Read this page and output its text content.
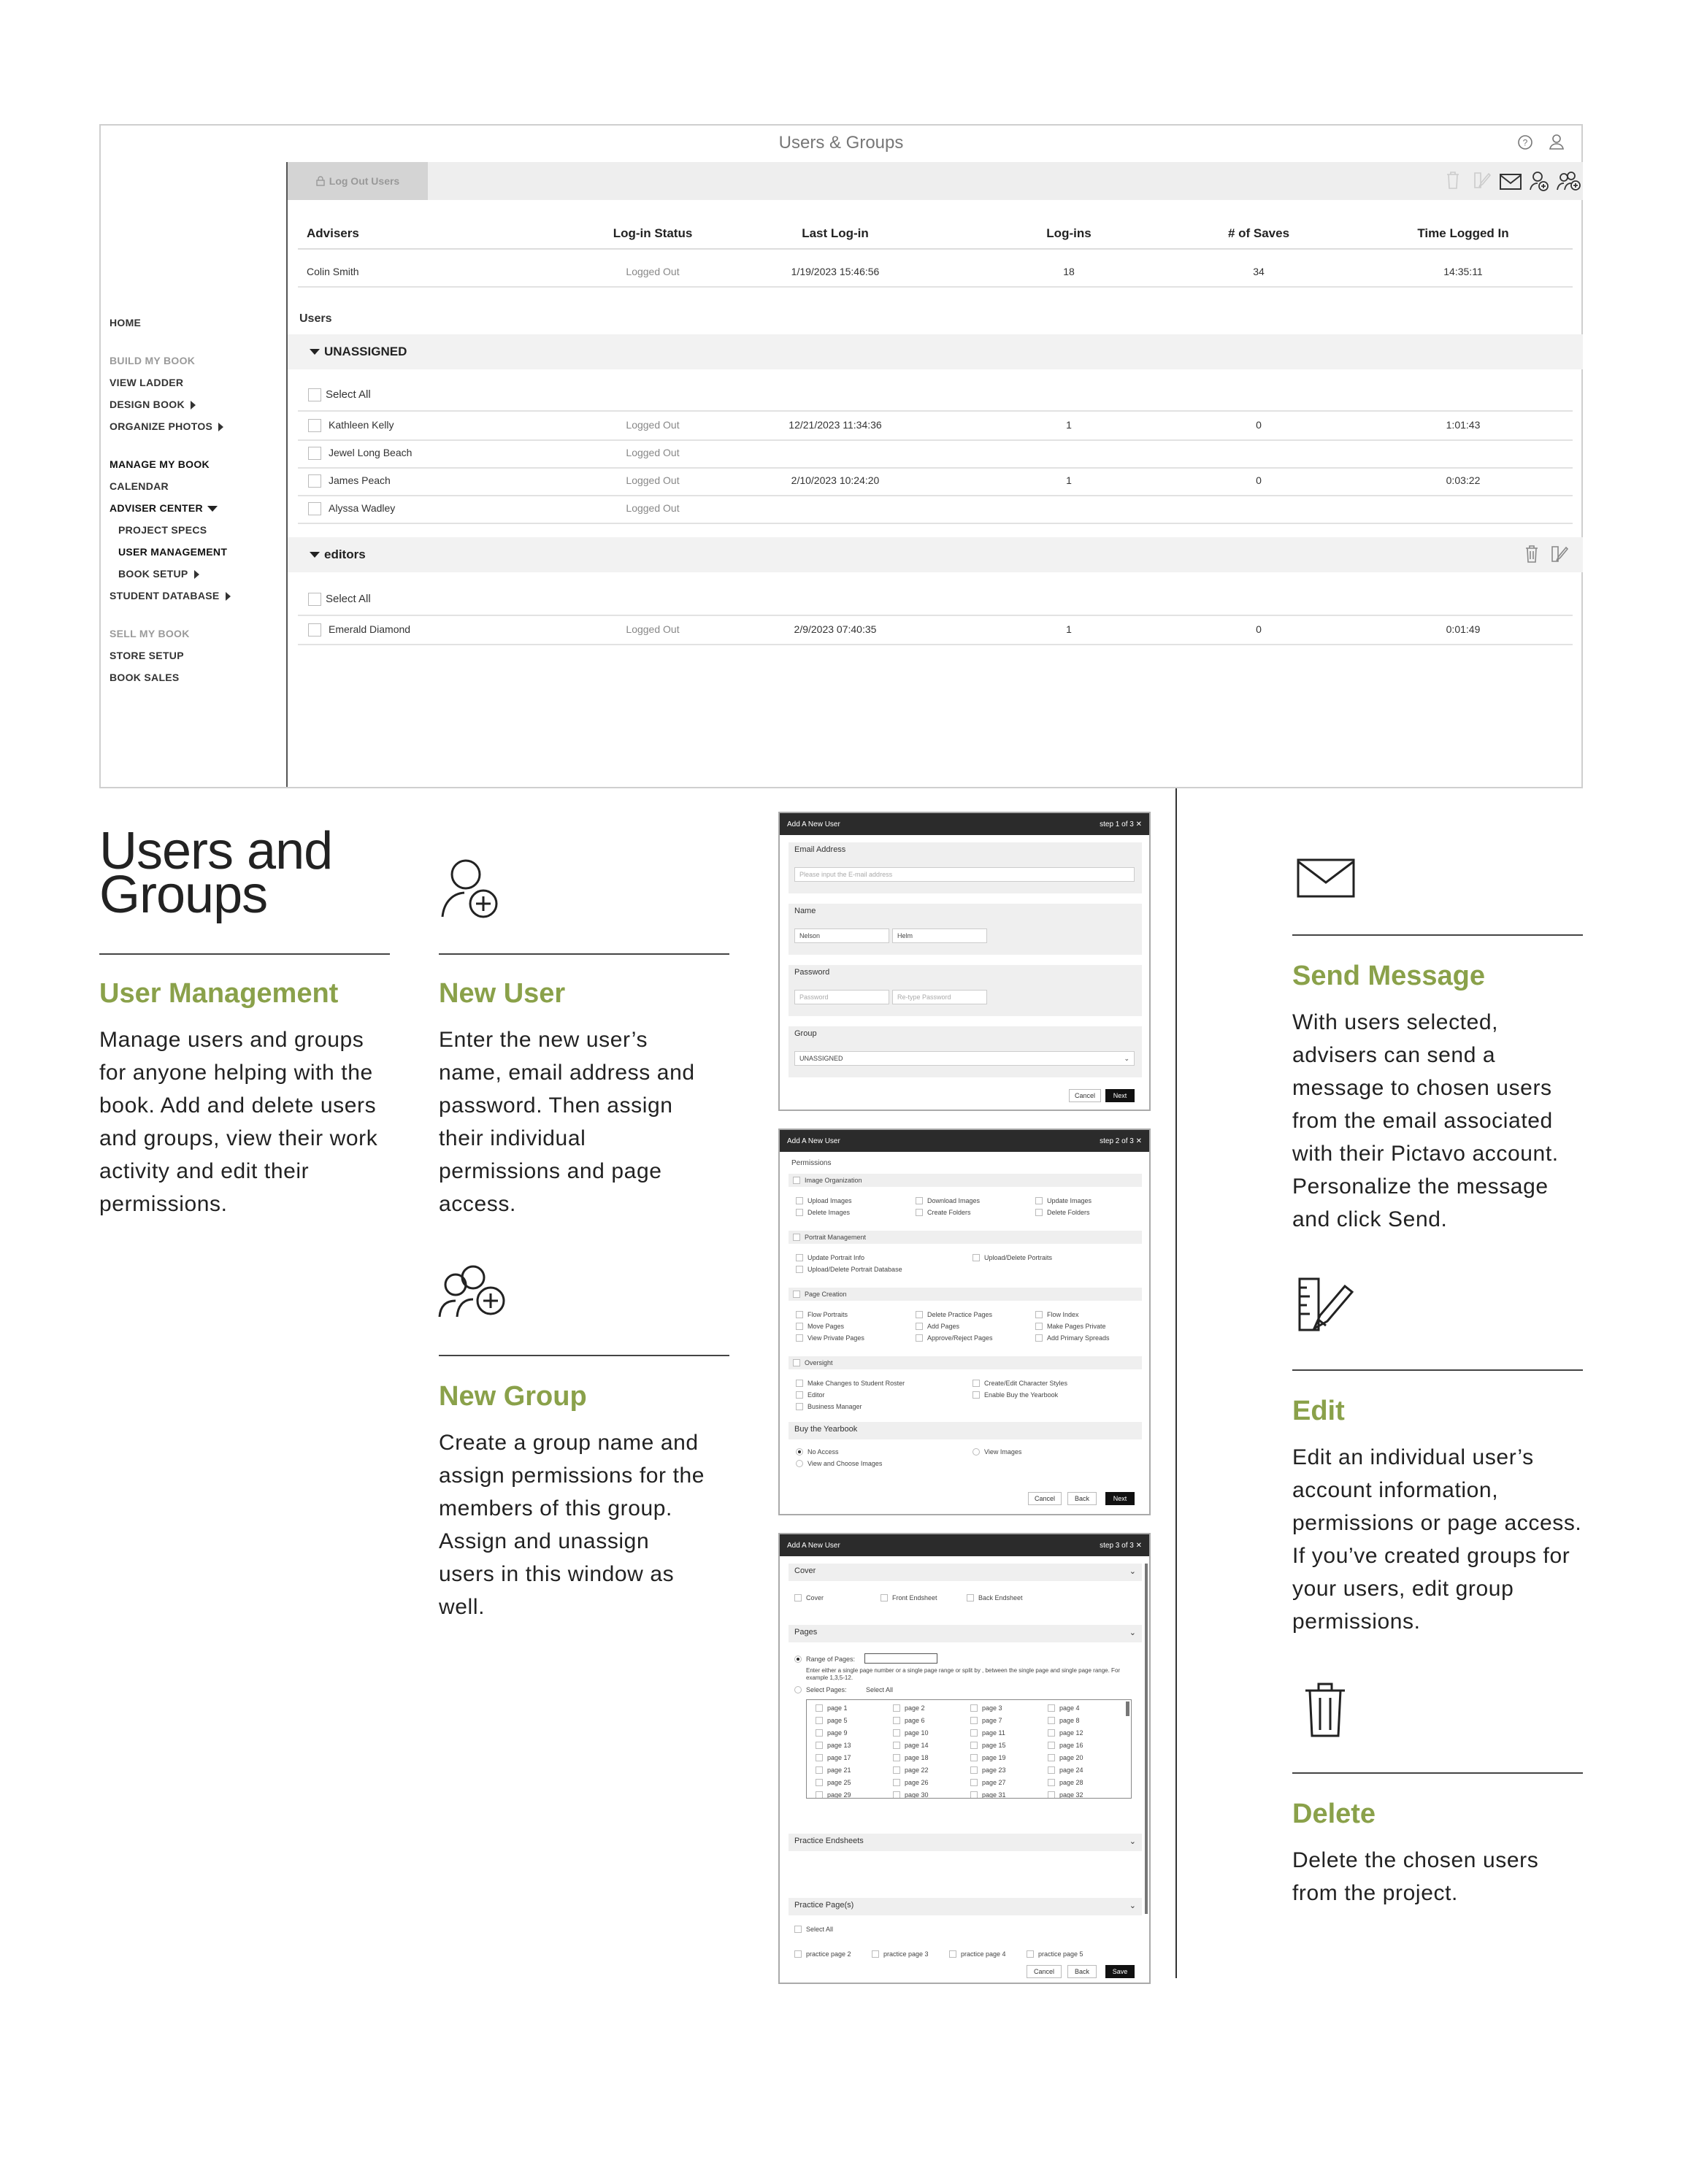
Users & Groups	?
HOME
BUILD MY BOOK
VIEW LADDER
DESIGN BOOK
ORGANIZE PHOTOS
MANAGE MY BOOK
CALENDAR
ADVISER CENTER
PROJECT SPECS
USER MANAGEMENT
BOOK SETUP
STUDENT DATABASE
SELL MY BOOK
STORE SETUP
BOOK SALES
Log Out Users
Advisers	Log-in Status	Last Log-in	Log-ins	# of Saves	Time Logged In
Colin Smith	Logged Out	1/19/2023 15:46:56	18	34	14:35:11
Users
UNASSIGNED
Select All
Kathleen Kelly	Logged Out	12/21/2023 11:34:36	1	0	1:01:43
Jewel Long Beach	Logged Out
James Peach	Logged Out	2/10/2023 10:24:20	1	0	0:03:22
Alyssa Wadley	Logged Out
editors
Select All
Emerald Diamond	Logged Out	2/9/2023 07:40:35	1	0	0:01:49
Users and
Groups
User Management
Manage users and groups for anyone helping with the book. Add and delete users and groups, view their work activity and edit their permissions.
New User
Enter the new user’s name, email address and password. Then assign their individual permissions and page access.
New Group
Create a group name and assign permissions for the members of this group. Assign and unassign users in this window as well.
Send Message
With users selected, advisers can send a message to chosen users from the email associated with their Pictavo account. Personalize the message and click Send.
Edit
Edit an individual user’s account information, permissions or page access. If you’ve created groups for your users, edit group permissions.
Delete
Delete the chosen users from the project.
Add A New User	step 1 of 3 ✕
Email Address
Please input the E-mail address
Name
Nelson	Helm
Password
Password	Re-type Password
Group
UNASSIGNED	⌄
Cancel	Next
Add A New User	step 2 of 3 ✕
Permissions
Image Organization
Upload Images	Download Images	Update Images
Delete Images	Create Folders	Delete Folders
Portrait Management
Update Portrait Info	Upload/Delete Portraits
Upload/Delete Portrait Database
Page Creation
Flow Portraits	Delete Practice Pages	Flow Index
Move Pages	Add Pages	Make Pages Private
View Private Pages	Approve/Reject Pages	Add Primary Spreads
Oversight
Make Changes to Student Roster	Create/Edit Character Styles
Editor	Enable Buy the Yearbook
Business Manager
Buy the Yearbook
No Access	View Images
View and Choose Images
Cancel	Back	Next
Add A New User	step 3 of 3 ✕
Cover	⌄
Cover	Front Endsheet	Back Endsheet
Pages	⌄
Range of Pages:
Enter either a single page number or a single page range or split by , between the single page and single page range. For example 1,3,5-12.
Select Pages:	Select All
page 1	page 2	page 3	page 4
page 5	page 6	page 7	page 8
page 9	page 10	page 11	page 12
page 13	page 14	page 15	page 16
page 17	page 18	page 19	page 20
page 21	page 22	page 23	page 24
page 25	page 26	page 27	page 28
page 29	page 30	page 31	page 32
Practice Endsheets	⌄
Practice Page(s)	⌄
Select All
practice page 2	practice page 3	practice page 4	practice page 5
Cancel	Back	Save
